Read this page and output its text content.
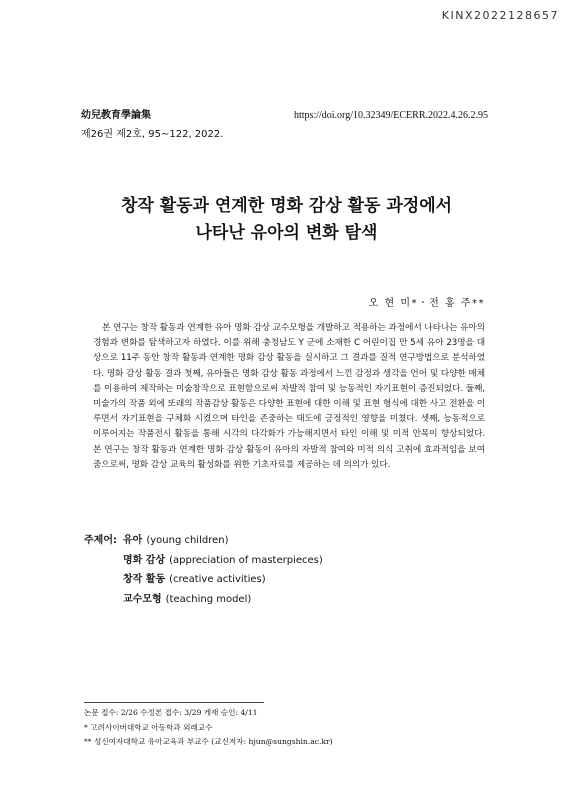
KINX2022128657
幼兒教育學論集
제26권 제2호, 95∼122, 2022.
https://doi.org/10.32349/ECERR.2022.4.26.2.95
창작 활동과 연계한 명화 감상 활동 과정에서
나타난 유아의 변화 탐색
오 현 미*ㆍ전 홍 주**

본 연구는 창작 활동과 연계한 유아 명화 감상 교수모형을 개발하고 적용하는 과정에서 나타나는 유아의 경험과 변화를 탐색하고자 하였다. 이를 위해 충청남도 Y 군에 소재한 C 어린이집 만 5세 유아 23명을 대상으로 11주 동안 창작 활동과 연계한 명화 감상 활동을 실시하고 그 결과를 질적 연구방법으로 분석하였다. 명화 감상 활동 결과 첫째, 유아들은 명화 감상 활동 과정에서 느낀 감정과 생각을 언어 및 다양한 매체를 이용하여 제작하는 미술창작으로 표현함으로써 자발적 참여 및 능동적인 자기표현이 증진되었다. 둘째, 미술가의 작품 외에 또래의 작품감상 활동은 다양한 표현에 대한 이해 및 표현 형식에 대한 사고 전환을 이루면서 자기표현을 구체화 시켰으며 타인을 존중하는 태도에 긍정적인 영향을 미쳤다. 셋째, 능동적으로 이루어지는 작품전시 활동을 통해 시각의 다각화가 가능해지면서 타인 이해 및 미적 안목이 향상되었다. 본 연구는 창작 활동과 연계한 명화 감상 활동이 유아의 자발적 참여와 미적 의식 고취에 효과적임을 보여줌으로써, 명화 감상 교육의 활성화를 위한 기초자료를 제공하는 데 의의가 있다.

주제어: 유아 (young children)
명화 감상 (appreciation of masterpieces)
창작 활동 (creative activities)
교수모형 (teaching model)
논문 접수: 2/26 수정본 접수: 3/29 게재 승인: 4/11
* 고려사이버대학교 아동학과 외래교수
** 성신여자대학교 유아교육과 부교수 (교신저자: hjun@sungshin.ac.kr)
